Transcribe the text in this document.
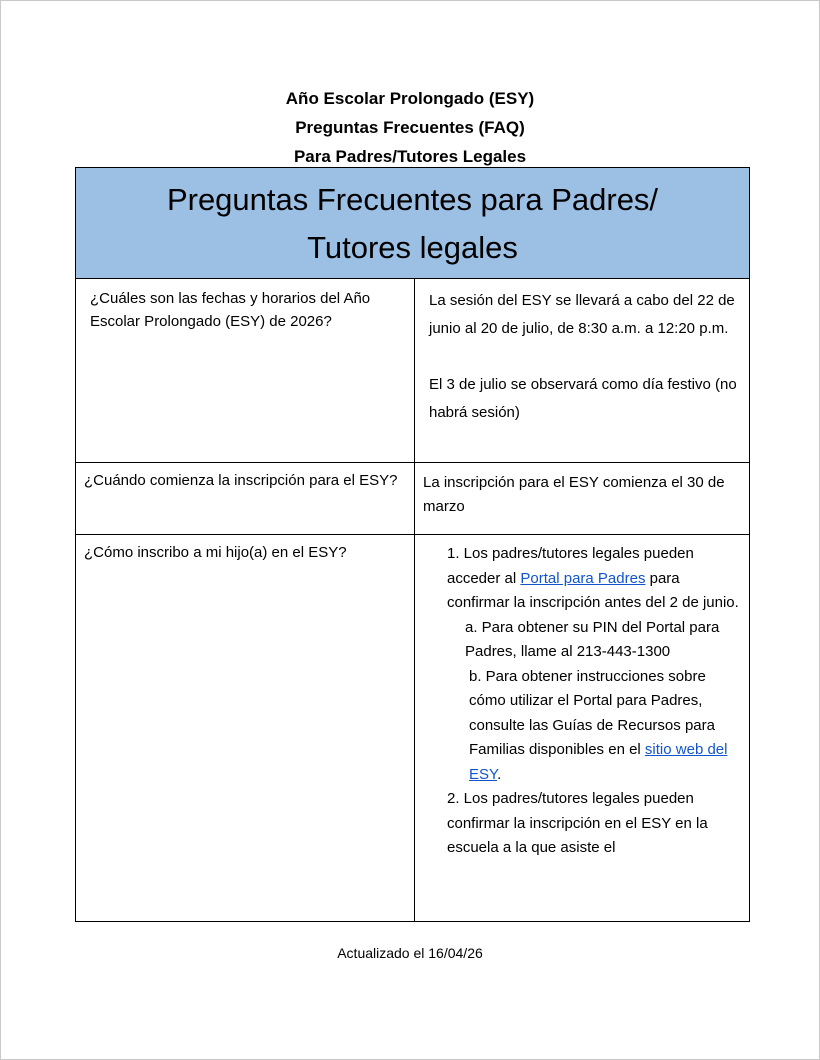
Año Escolar Prolongado (ESY)
Preguntas Frecuentes (FAQ)
Para Padres/Tutores Legales
Preguntas Frecuentes para Padres/
Tutores legales	

¿Cuáles son las fechas y horarios del Año Escolar Prolongado (ESY) de 2026?	La sesión del ESY se llevará a cabo del 22 de junio al 20 de julio, de 8:30 a.m. a 12:20 p.m.
El 3 de julio se observará como día festivo (no habrá sesión)

¿Cuándo comienza la inscripción para el ESY?	La inscripción para el ESY comienza el 30 de marzo

¿Cómo inscribo a mi hijo(a) en el ESY?	1. Los padres/tutores legales pueden acceder al Portal para Padres para confirmar la inscripción antes del 2 de junio.
a. Para obtener su PIN del Portal para Padres, llame al 213-443-1300
b. Para obtener instrucciones sobre cómo utilizar el Portal para Padres, consulte las Guías de Recursos para Familias disponibles en el sitio web del ESY.
2. Los padres/tutores legales pueden confirmar la inscripción en el ESY en la escuela a la que asiste el
Actualizado el 16/04/26
